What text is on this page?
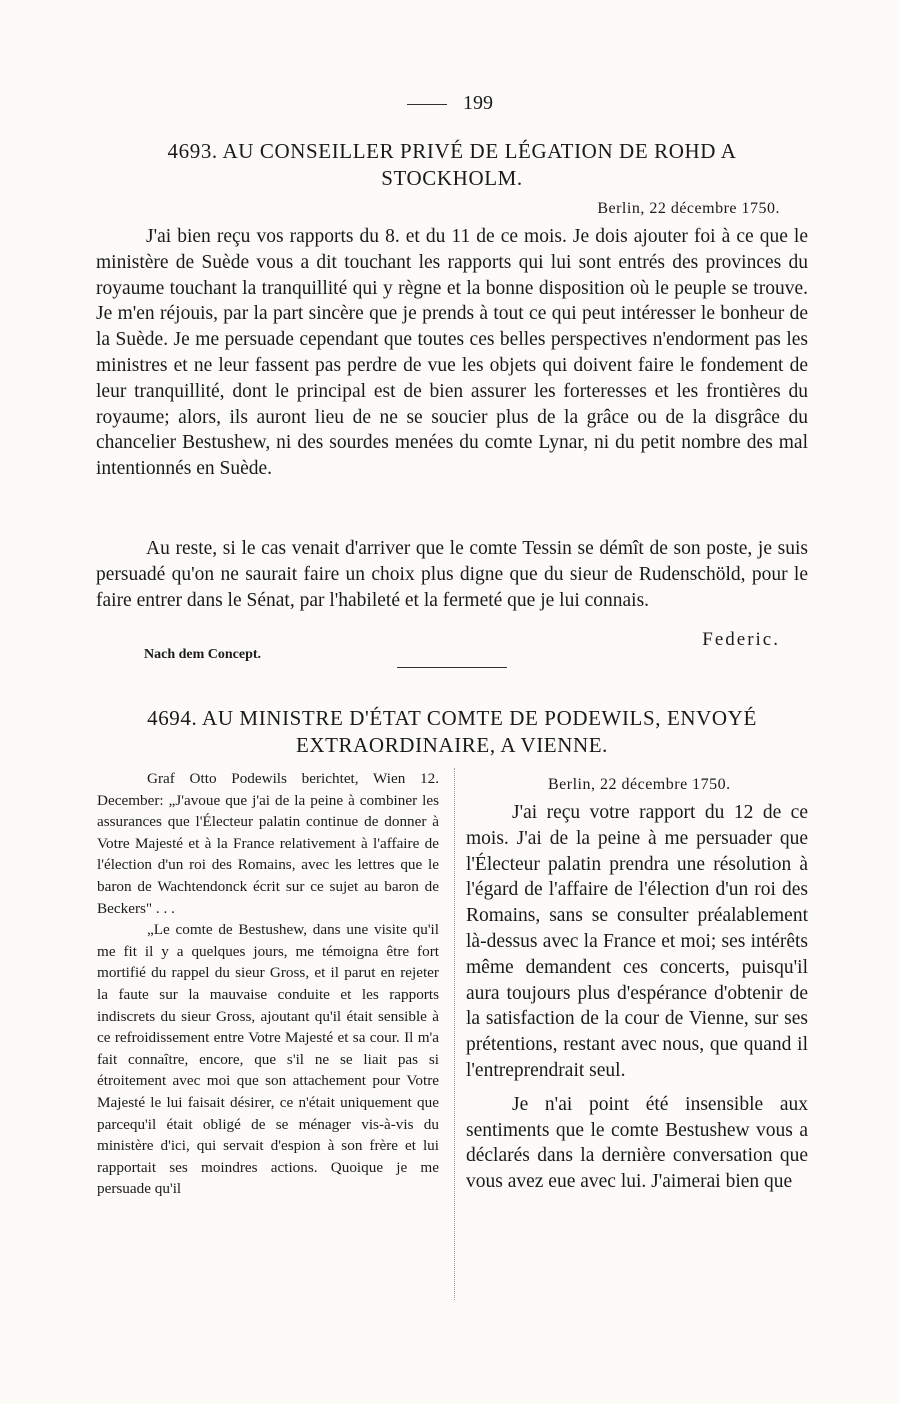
199
4693. AU CONSEILLER PRIVÉ DE LÉGATION DE ROHD A STOCKHOLM.
Berlin, 22 décembre 1750.

J'ai bien reçu vos rapports du 8. et du 11 de ce mois. Je dois ajouter foi à ce que le ministère de Suède vous a dit touchant les rapports qui lui sont entrés des provinces du royaume touchant la tranquillité qui y règne et la bonne disposition où le peuple se trouve. Je m'en réjouis, par la part sincère que je prends à tout ce qui peut intéresser le bonheur de la Suède. Je me persuade cependant que toutes ces belles perspectives n'endorment pas les ministres et ne leur fassent pas perdre de vue les objets qui doivent faire le fondement de leur tranquillité, dont le principal est de bien assurer les forteresses et les frontières du royaume; alors, ils auront lieu de ne se soucier plus de la grâce ou de la disgrâce du chancelier Bestushew, ni des sourdes menées du comte Lynar, ni du petit nombre des mal intentionnés en Suède.

Au reste, si le cas venait d'arriver que le comte Tessin se démît de son poste, je suis persuadé qu'on ne saurait faire un choix plus digne que du sieur de Rudenschöld, pour le faire entrer dans le Sénat, par l'habileté et la fermeté que je lui connais.

Federic.
Nach dem Concept.
4694. AU MINISTRE D'ÉTAT COMTE DE PODEWILS, ENVOYÉ EXTRAORDINAIRE, A VIENNE.

Graf Otto Podewils berichtet, Wien 12. December: „J'avoue que j'ai de la peine à combiner les assurances que l'Électeur palatin continue de donner à Votre Majesté et à la France relativement à l'affaire de l'élection d'un roi des Romains, avec les lettres que le baron de Wachtendonck écrit sur ce sujet au baron de Beckers" . . .

„Le comte de Bestushew, dans une visite qu'il me fit il y a quelques jours, me témoigna être fort mortifié du rappel du sieur Gross, et il parut en rejeter la faute sur la mauvaise conduite et les rapports indiscrets du sieur Gross, ajoutant qu'il était sensible à ce refroidissement entre Votre Majesté et sa cour. Il m'a fait connaître, encore, que s'il ne se liait pas si étroitement avec moi que son attachement pour Votre Majesté le lui faisait désirer, ce n'était uniquement que parcequ'il était obligé de se ménager vis-à-vis du ministère d'ici, qui servait d'espion à son frère et lui rapportait ses moindres actions. Quoique je me persuade qu'il

Berlin, 22 décembre 1750.

J'ai reçu votre rapport du 12 de ce mois. J'ai de la peine à me persuader que l'Électeur palatin prendra une résolution à l'égard de l'affaire de l'élection d'un roi des Romains, sans se consulter préalablement là-dessus avec la France et moi; ses intérêts même demandent ces concerts, puisqu'il aura toujours plus d'espérance d'obtenir de la satisfaction de la cour de Vienne, sur ses prétentions, restant avec nous, que quand il l'entreprendrait seul.

Je n'ai point été insensible aux sentiments que le comte Bestushew vous a déclarés dans la dernière conversation que vous avez eue avec lui. J'aimerai bien que
